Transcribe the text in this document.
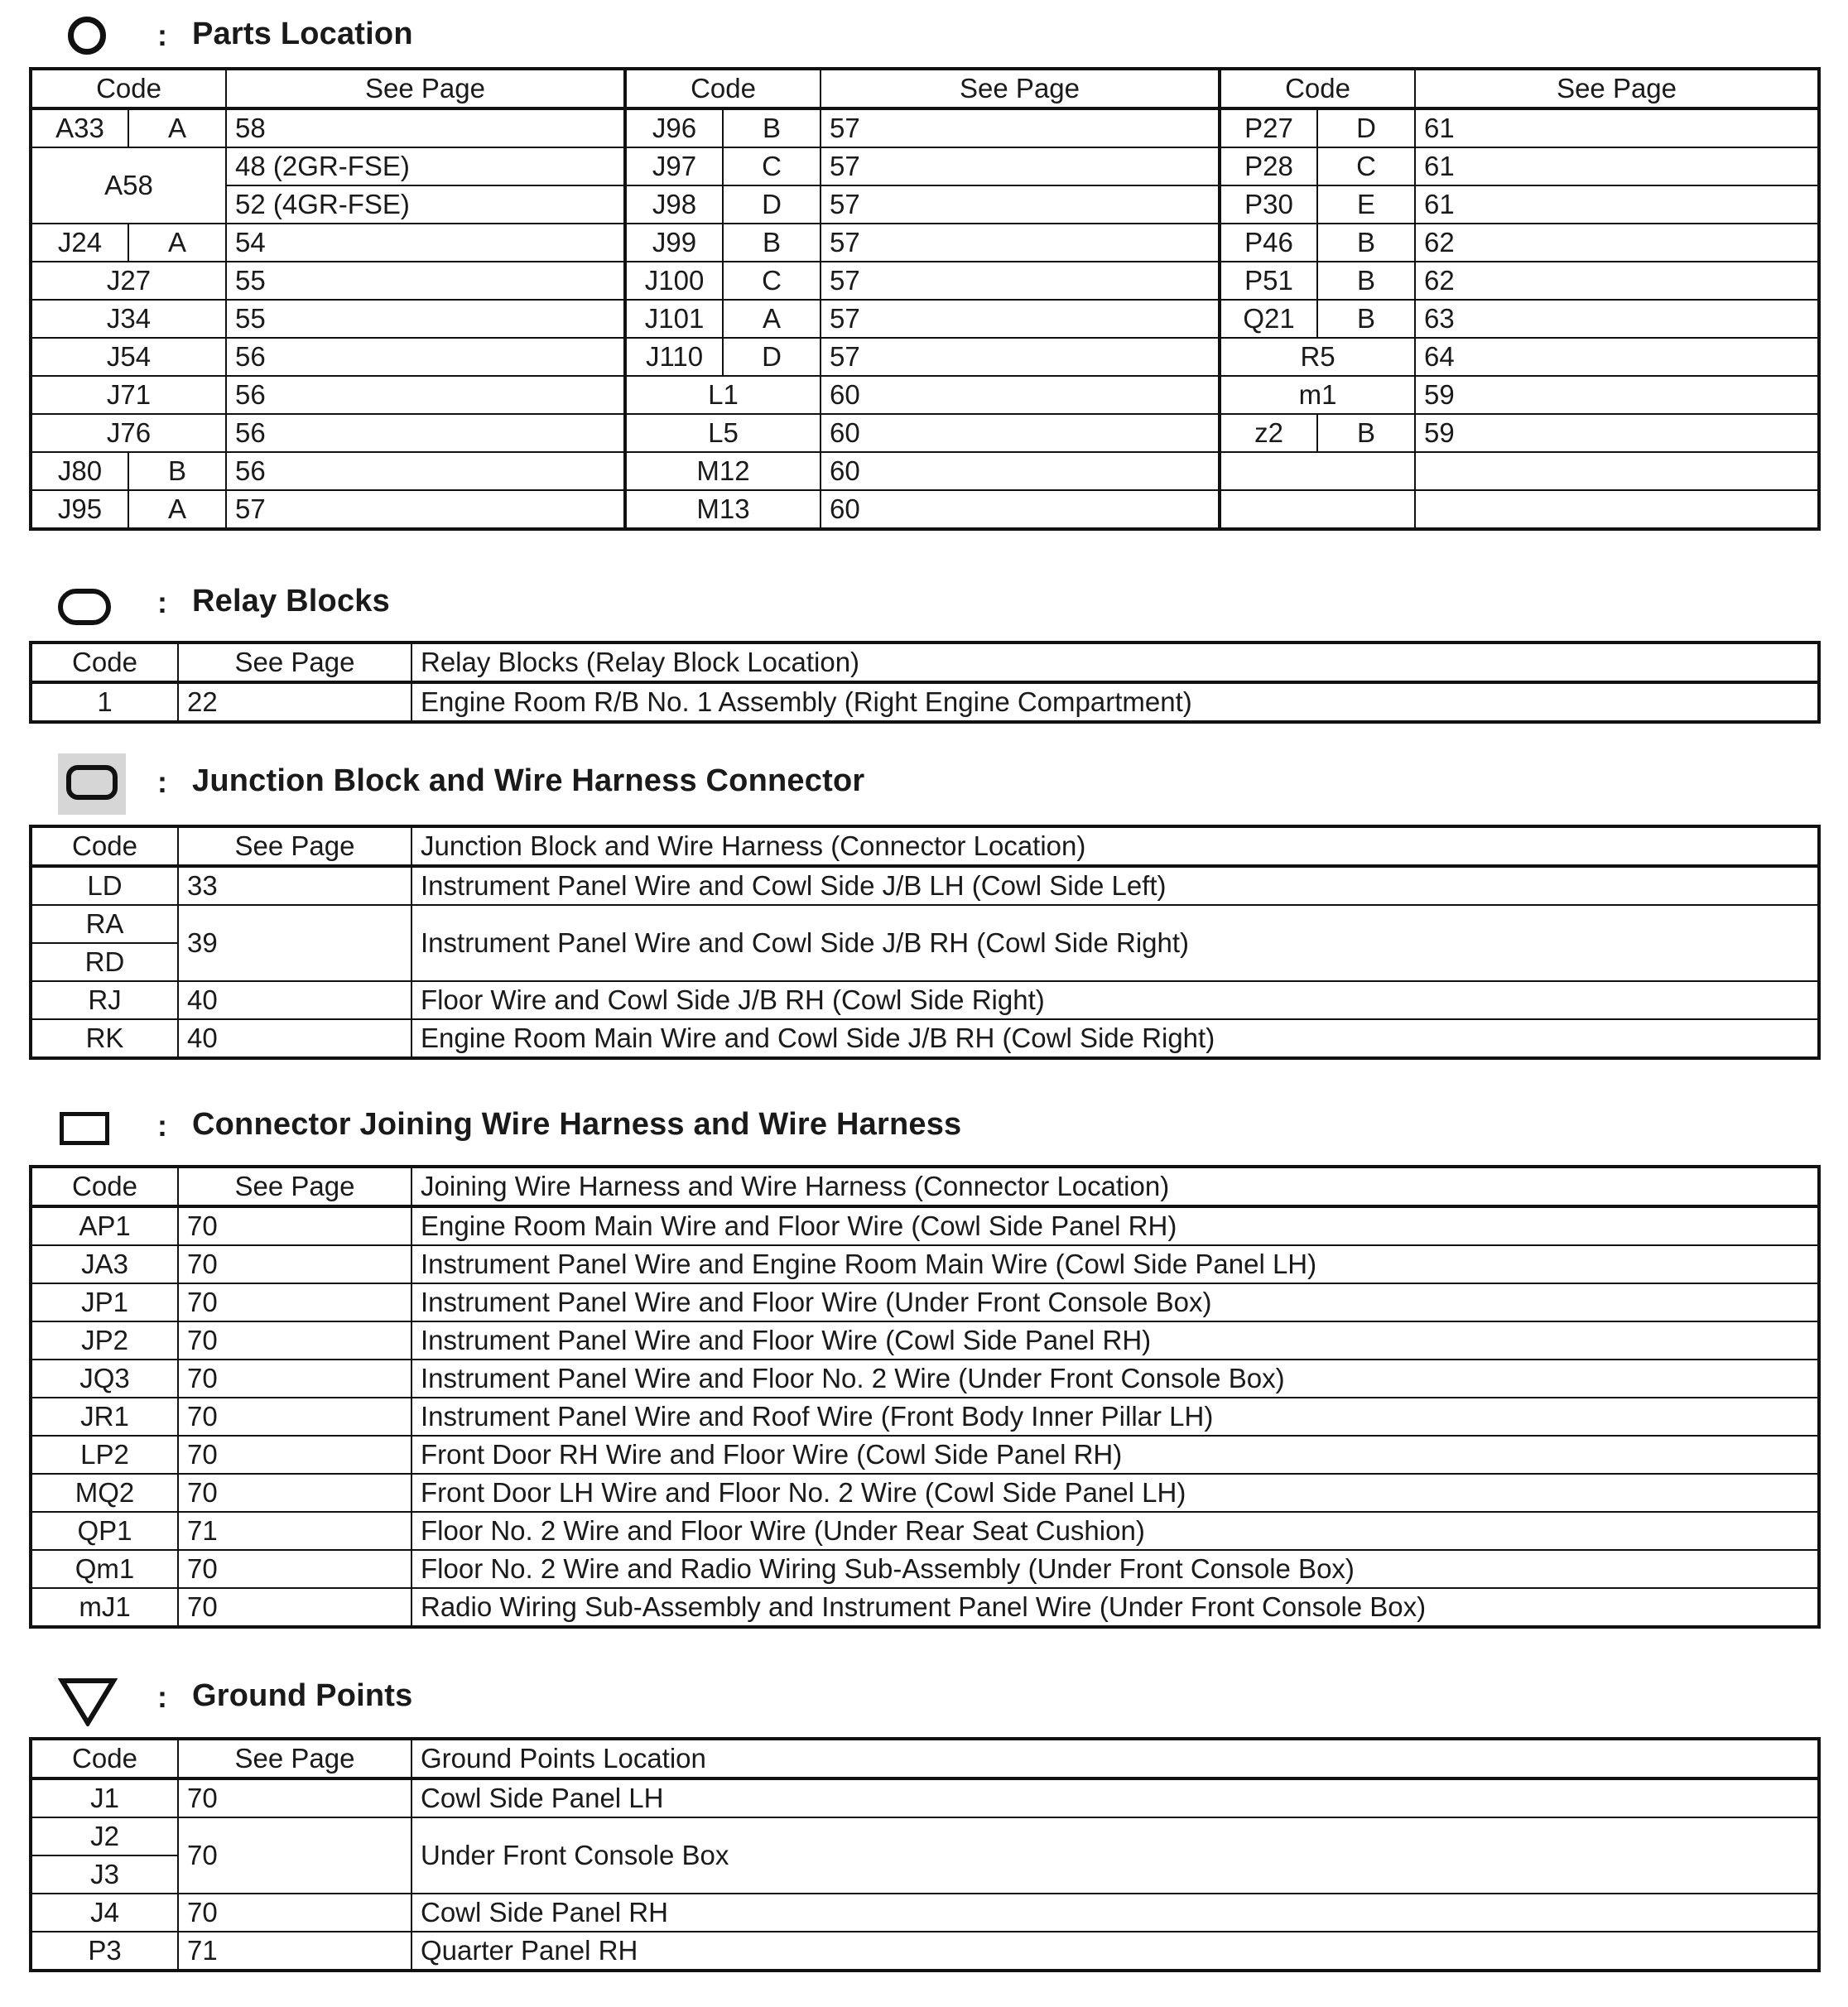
: Parts Location
Code		See Page	Code		See Page	Code		See Page
A33	A	58	J96	B	57	P27	D	61
A58		48 (2GR-FSE)	J97	C	57	P28	C	61
		52 (4GR-FSE)	J98	D	57	P30	E	61
J24	A	54	J99	B	57	P46	B	62
J27		55	J100	C	57	P51	B	62
J34		55	J101	A	57	Q21	B	63
J54		56	J110	D	57	R5		64
J71		56	L1		60	m1		59
J76		56	L5		60	z2	B	59
J80	B	56	M12		60			
J95	A	57	M13		60			
: Relay Blocks
Code	See Page	Relay Blocks (Relay Block Location)
1	22	Engine Room R/B No. 1 Assembly (Right Engine Compartment)
: Junction Block and Wire Harness Connector
Code	See Page	Junction Block and Wire Harness (Connector Location)
LD	33	Instrument Panel Wire and Cowl Side J/B LH (Cowl Side Left)
RA	39	Instrument Panel Wire and Cowl Side J/B RH (Cowl Side Right)
RD		
RJ	40	Floor Wire and Cowl Side J/B RH (Cowl Side Right)
RK	40	Engine Room Main Wire and Cowl Side J/B RH (Cowl Side Right)
: Connector Joining Wire Harness and Wire Harness
Code	See Page	Joining Wire Harness and Wire Harness (Connector Location)
AP1	70	Engine Room Main Wire and Floor Wire (Cowl Side Panel RH)
JA3	70	Instrument Panel Wire and Engine Room Main Wire (Cowl Side Panel LH)
JP1	70	Instrument Panel Wire and Floor Wire (Under Front Console Box)
JP2	70	Instrument Panel Wire and Floor Wire (Cowl Side Panel RH)
JQ3	70	Instrument Panel Wire and Floor No. 2 Wire (Under Front Console Box)
JR1	70	Instrument Panel Wire and Roof Wire (Front Body Inner Pillar LH)
LP2	70	Front Door RH Wire and Floor Wire (Cowl Side Panel RH)
MQ2	70	Front Door LH Wire and Floor No. 2 Wire (Cowl Side Panel LH)
QP1	71	Floor No. 2 Wire and Floor Wire (Under Rear Seat Cushion)
Qm1	70	Floor No. 2 Wire and Radio Wiring Sub-Assembly (Under Front Console Box)
mJ1	70	Radio Wiring Sub-Assembly and Instrument Panel Wire (Under Front Console Box)
: Ground Points
Code	See Page	Ground Points Location
J1	70	Cowl Side Panel LH
J2	70	Under Front Console Box
J3		
J4	70	Cowl Side Panel RH
P3	71	Quarter Panel RH
